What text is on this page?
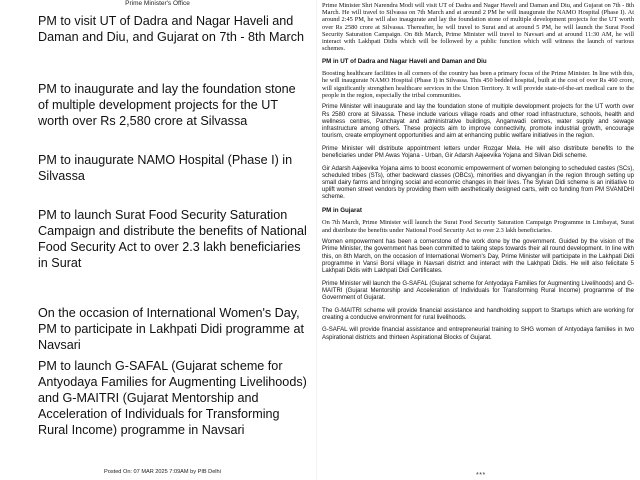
Prime Minister's Office
PM to visit UT of Dadra and Nagar Haveli and Daman and Diu, and Gujarat on 7th - 8th March
PM to inaugurate and lay the foundation stone of multiple development projects for the UT worth over Rs 2,580 crore at Silvassa
PM to inaugurate NAMO Hospital (Phase I) in Silvassa
PM to launch Surat Food Security Saturation Campaign and distribute the benefits of National Food Security Act to over 2.3 lakh beneficiaries in Surat
On the occasion of International Women's Day, PM to participate in Lakhpati Didi programme at Navsari
PM to launch G-SAFAL (Gujarat scheme for Antyodaya Families for Augmenting Livelihoods) and G-MAITRI (Gujarat Mentorship and Acceleration of Individuals for Transforming Rural Income) programme in Navsari
Posted On: 07 MAR 2025 7:09AM by PIB Delhi

Prime Minister Shri Narendra Modi will visit UT of Dadra and Nagar Haveli and Daman and Diu, and Gujarat on 7th - 8th March. He will travel to Silvassa on 7th March and at around 2 PM he will inaugurate the NAMO Hospital (Phase I). At around 2:45 PM, he will also inaugurate and lay the foundation stone of multiple development projects for the UT worth over Rs 2580 crore at Silvassa. Thereafter, he will travel to Surat and at around 5 PM, he will launch the Surat Food Security Saturation Campaign. On 8th March, Prime Minister will travel to Navsari and at around 11:30 AM, he will interact with Lakhpati Didis which will be followed by a public function which will witness the launch of various schemes.

PM in UT of Dadra and Nagar Haveli and Daman and Diu

Boosting healthcare facilities in all corners of the country has been a primary focus of the Prime Minister. In line with this, he will inaugurate NAMO Hospital (Phase I) in Silvassa. This 450 bedded hospital, built at the cost of over Rs 460 crore, will significantly strengthen healthcare services in the Union Territory. It will provide state-of-the-art medical care to the people in the region, especially the tribal communities.

Prime Minister will inaugurate and lay the foundation stone of multiple development projects for the UT worth over Rs 2580 crore at Silvassa. These include various village roads and other road infrastructure, schools, health and wellness centres, Panchayat and administrative buildings, Anganwadi centres, water supply and sewage infrastructure among others. These projects aim to improve connectivity, promote industrial growth, encourage tourism, create employment opportunities and aim at enhancing public welfare initiatives in the region.

Prime Minister will distribute appointment letters under Rozgar Mela. He will also distribute benefits to the beneficiaries under PM Awas Yojana - Urban, Gir Adarsh Aajeevika Yojana and Silvan Didi scheme.

Gir Adarsh Aajeevika Yojana aims to boost economic empowerment of women belonging to scheduled castes (SCs), scheduled tribes (STs), other backward classes (OBCs), minorities and divyangjan in the region through setting up small dairy farms and bringing social and economic changes in their lives. The Sylvan Didi scheme is an initiative to uplift women street vendors by providing them with aesthetically designed carts, with co funding from PM SVANIDHI scheme.

PM in Gujarat

On 7th March, Prime Minister will launch the Surat Food Security Saturation Campaign Programme in Limbayat, Surat and distribute the benefits under National Food Security Act to over 2.3 lakh beneficiaries.

Women empowerment has been a cornerstone of the work done by the government. Guided by the vision of the Prime Minister, the government has been committed to taking steps towards their all round development. In line with this, on 8th March, on the occasion of International Women's Day, Prime Minister will participate in the Lakhpati Didi programme in Vansi Borsi village in Navsari district and interact with the Lakhpati Didis. He will also felicitate 5 Lakhpati Didis with Lakhpati Didi Certificates.

Prime Minister will launch the G-SAFAL (Gujarat scheme for Antyodaya Families for Augmenting Livelihoods) and G-MAITRI (Gujarat Mentorship and Acceleration of Individuals for Transforming Rural Income) programme of the Government of Gujarat.

The G-MAITRI scheme will provide financial assistance and handholding support to Startups which are working for creating a conducive environment for rural livelihoods.

G-SAFAL will provide financial assistance and entrepreneurial training to SHG women of Antyodaya families in two Aspirational districts and thirteen Aspirational Blocks of Gujarat.

***
